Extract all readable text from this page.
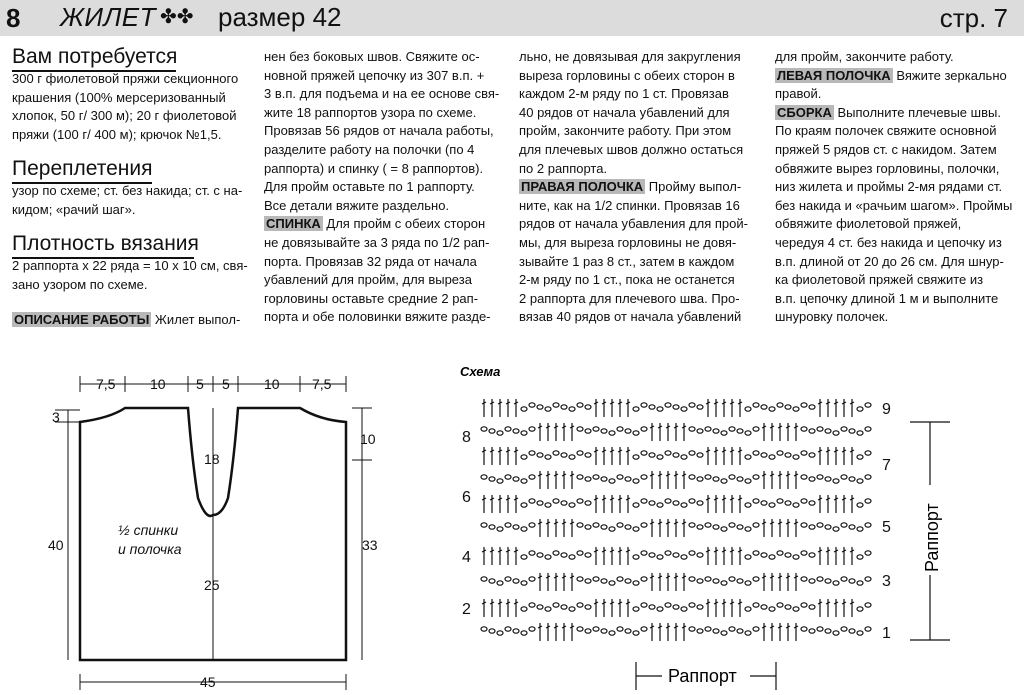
8 ЖИЛЕТ ✤✤ размер 42	стр. 7
Вам потребуется
300 г фиолетовой пряжи секционного
крашения (100% мерсеризованный
хлопок, 50 г/ 300 м); 20 г фиолетовой
пряжи (100 г/ 400 м); крючок №1,5.
Переплетения
узор по схеме; ст. без накида; ст. с на-
кидом; «рачий шаг».
Плотность вязания
2 раппорта х 22 ряда = 10 х 10 см, свя-
зано узором по схеме.
ОПИСАНИЕ РАБОТЫ Жилет выпол-
нен без боковых швов. Свяжите ос-
новной пряжей цепочку из 307 в.п. +
3 в.п. для подъема и на ее основе свя-
жите 18 раппортов узора по схеме.
Провязав 56 рядов от начала работы,
разделите работу на полочки (по 4
раппорта) и спинку ( = 8 раппортов).
Для пройм оставьте по 1 раппорту.
Все детали вяжите раздельно.
СПИНКА Для пройм с обеих сторон
не довязывайте за 3 ряда по 1/2 рап-
порта. Провязав 32 ряда от начала
убавлений для пройм, для выреза
горловины оставьте средние 2 рап-
порта и обе половинки вяжите разде-
льно, не довязывая для закругления
выреза горловины с обеих сторон в
каждом 2-м ряду по 1 ст. Провязав
40 рядов от начала убавлений для
пройм, закончите работу. При этом
для плечевых швов должно остаться
по 2 раппорта.
ПРАВАЯ ПОЛОЧКА Пройму выпол-
ните, как на 1/2 спинки. Провязав 16
рядов от начала убавления для прой-
мы, для выреза горловины не довя-
зывайте 1 раз 8 ст., затем в каждом
2-м ряду по 1 ст., пока не останется
2 раппорта для плечевого шва. Про-
вязав 40 рядов от начала убавлений
для пройм, закончите работу.
ЛЕВАЯ ПОЛОЧКА Вяжите зеркально
правой.
СБОРКА Выполните плечевые швы.
По краям полочек свяжите основной
пряжей 5 рядов ст. с накидом. Затем
обвяжите вырез горловины, полочки,
низ жилета и проймы 2-мя рядами ст.
без накида и «рачьим шагом». Проймы
обвяжите фиолетовой пряжей,
чередуя 4 ст. без накида и цепочку из
в.п. длиной от 20 до 26 см. Для шнур-
ка фиолетовой пряжей свяжите из
в.п. цепочку длиной 1 м и выполните
шнуровку полочек.
7,5 10 5 5 10 7,5
3
10
18
40	33
25
45
½ спинки
и полочка
Схема
8
6
4
2
9
7
5
3
1
Раппорт
Раппорт
